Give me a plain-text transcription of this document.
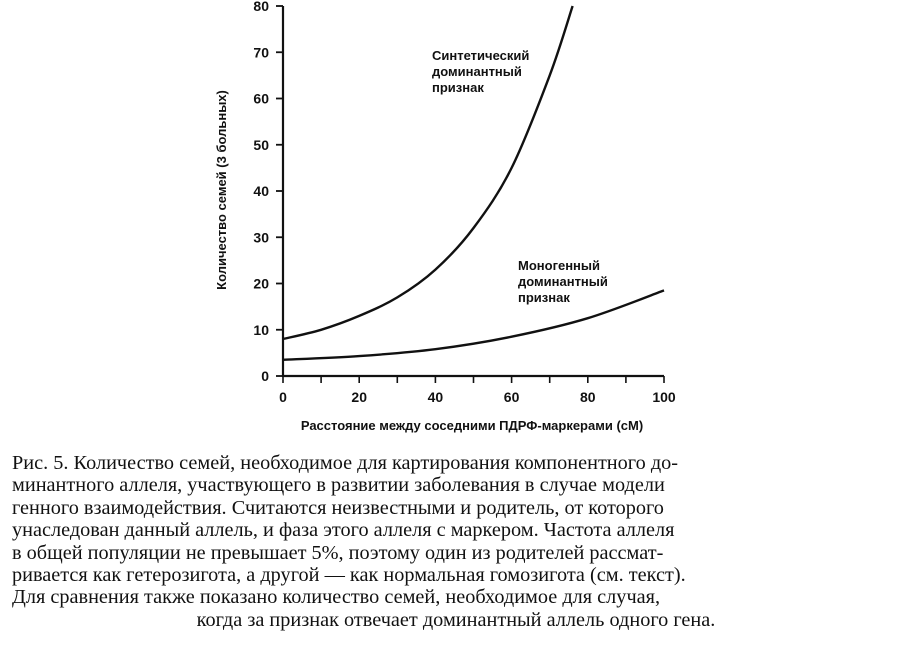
0
10
20
30
40
50
60
70
80
0	20	40	60	80	100
Синтетический доминантный признак
Моногенный доминантный признак
Расстояние между соседними ПДРФ-маркерами (сМ)
Количество семей (3 больных)
Рис. 5. Количество семей, необходимое для картирования компонентного до-
минантного аллеля, участвующего в развитии заболевания в случае модели
генного взаимодействия. Считаются неизвестными и родитель, от которого
унаследован данный аллель, и фаза этого аллеля с маркером. Частота аллеля
в общей популяции не превышает 5%, поэтому один из родителей рассмат-
ривается как гетерозигота, а другой — как нормальная гомозигота (см. текст).
Для сравнения также показано количество семей, необходимое для случая,
когда за признак отвечает доминантный аллель одного гена.
